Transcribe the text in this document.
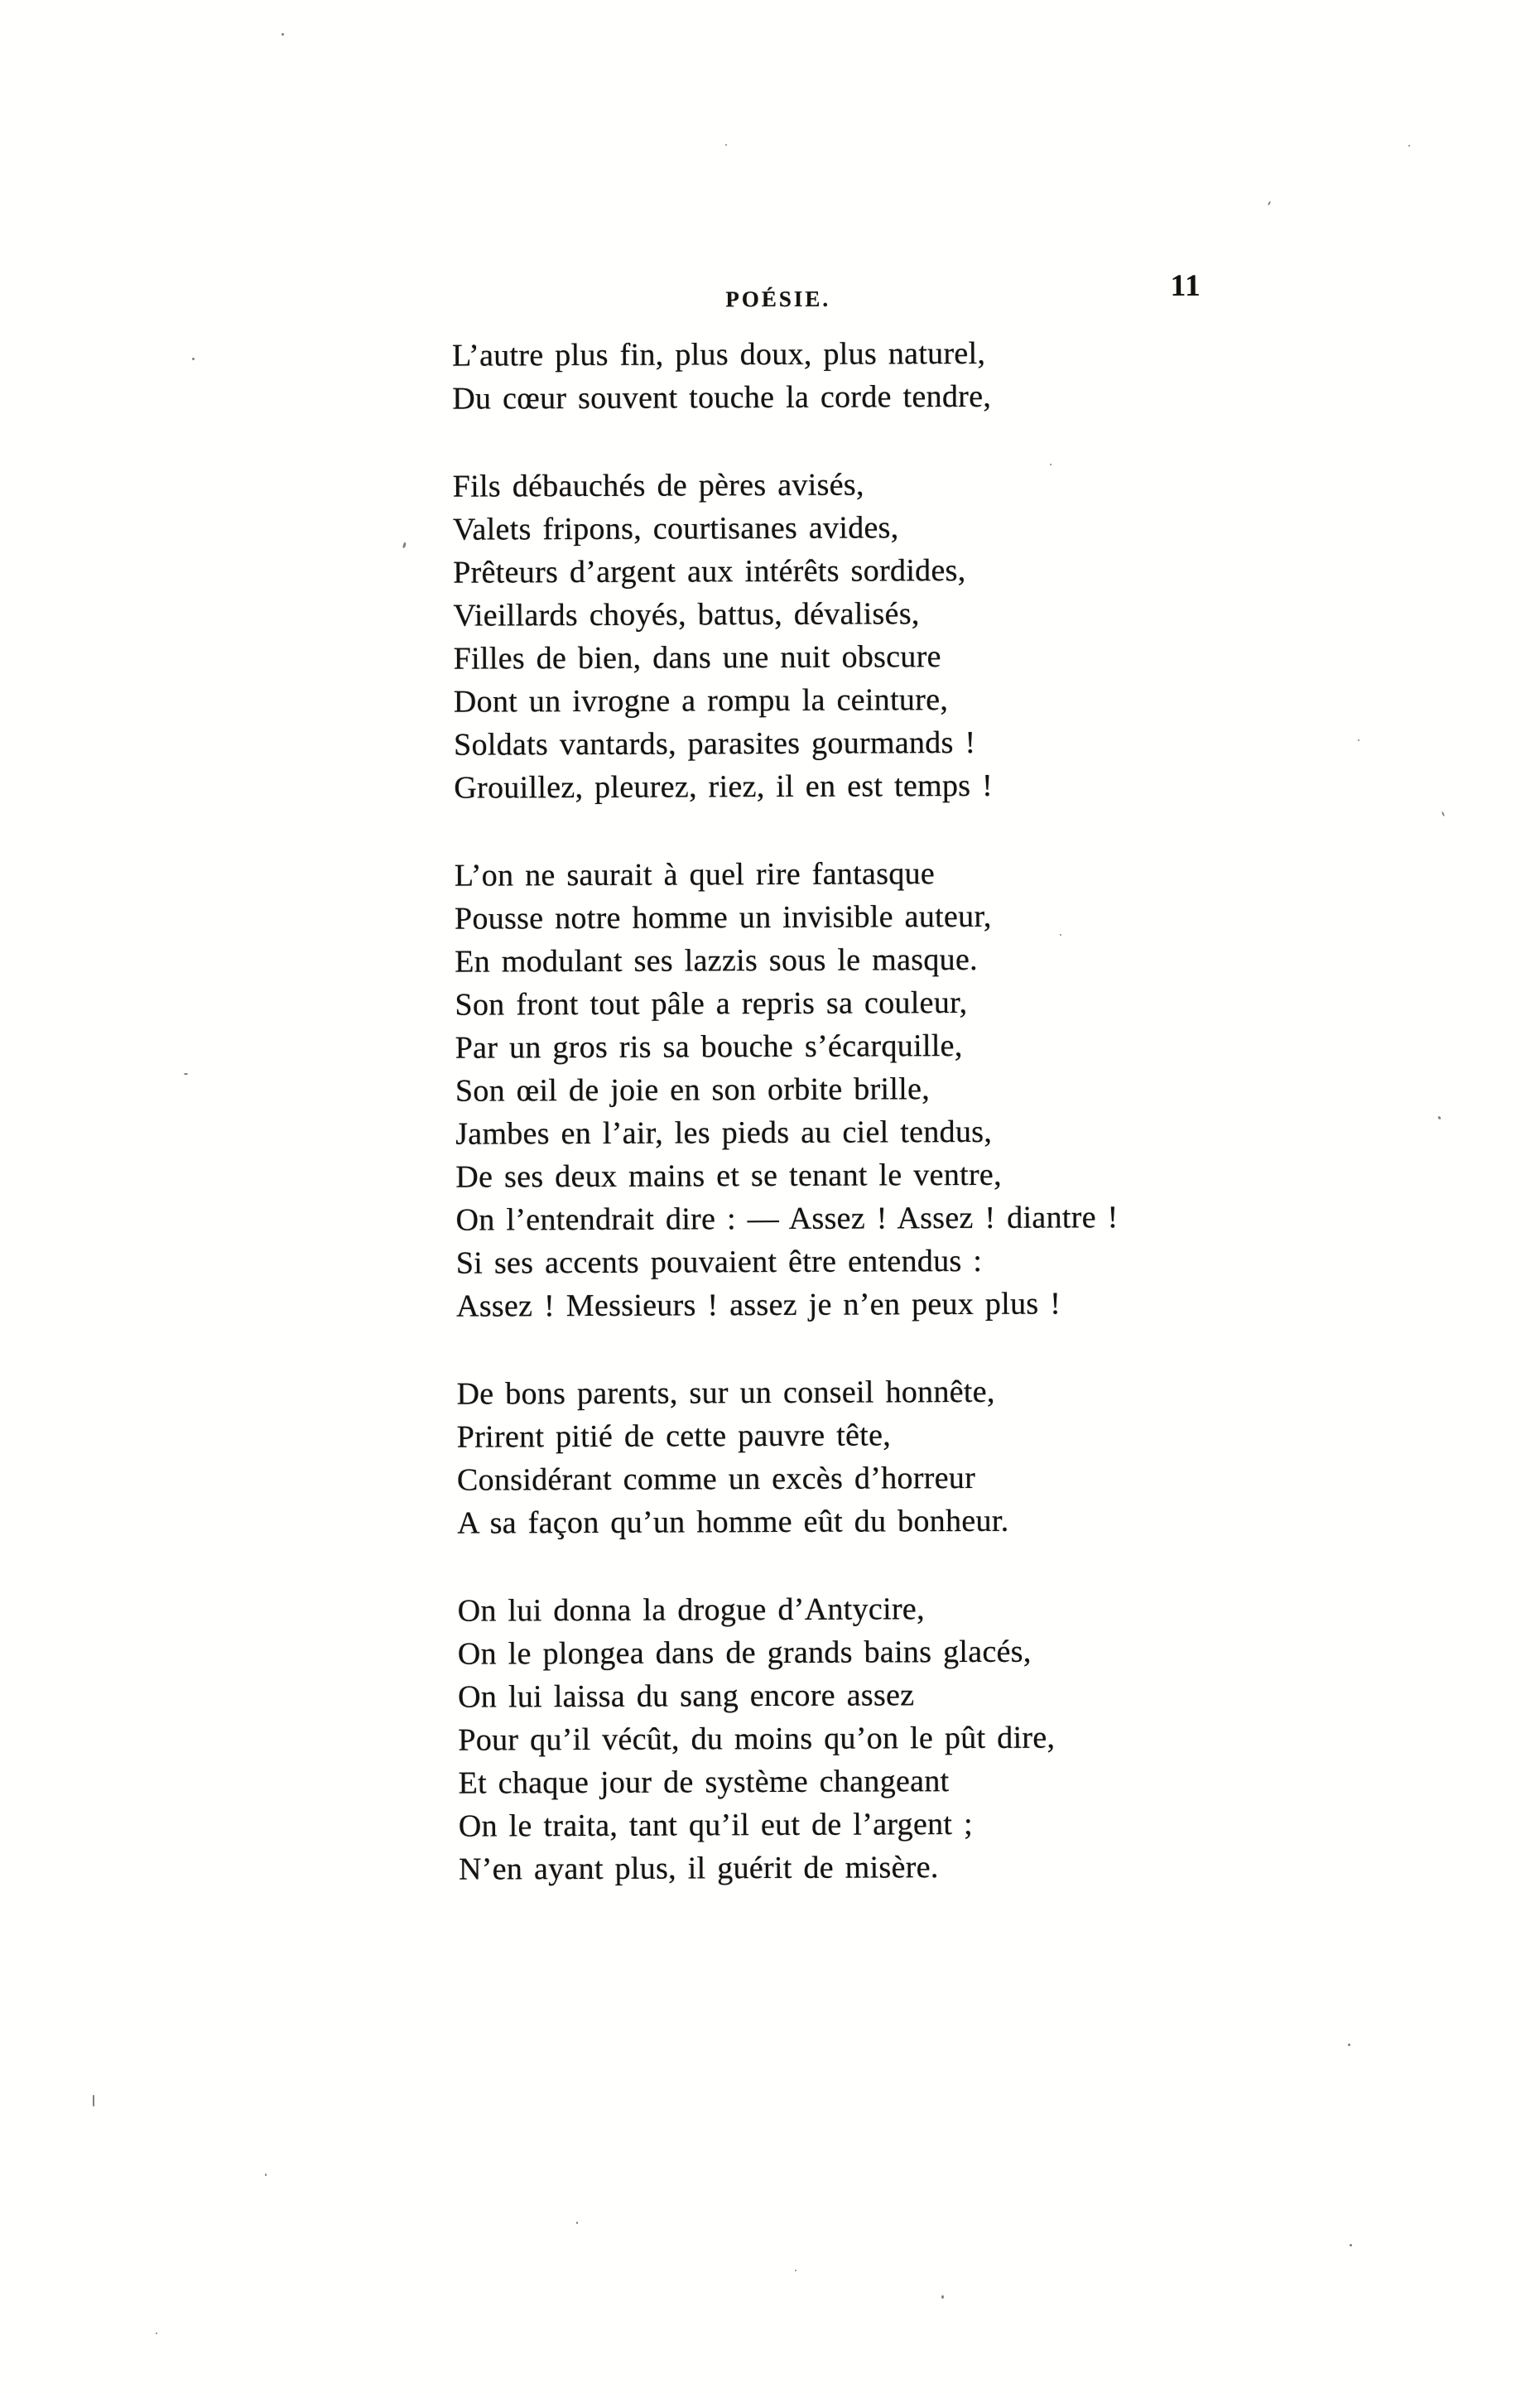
POÉSIE.	11
L’autre plus fin, plus doux, plus naturel,
Du cœur souvent touche la corde tendre,
Fils débauchés de pères avisés,
Valets fripons, courtisanes avides,
Prêteurs d’argent aux intérêts sordides,
Vieillards choyés, battus, dévalisés,
Filles de bien, dans une nuit obscure
Dont un ivrogne a rompu la ceinture,
Soldats vantards, parasites gourmands !
Grouillez, pleurez, riez, il en est temps !
L’on ne saurait à quel rire fantasque
Pousse notre homme un invisible auteur,
En modulant ses lazzis sous le masque.
Son front tout pâle a repris sa couleur,
Par un gros ris sa bouche s’écarquille,
Son œil de joie en son orbite brille,
Jambes en l’air, les pieds au ciel tendus,
De ses deux mains et se tenant le ventre,
On l’entendrait dire : — Assez ! Assez ! diantre !
Si ses accents pouvaient être entendus :
Assez ! Messieurs ! assez je n’en peux plus !
De bons parents, sur un conseil honnête,
Prirent pitié de cette pauvre tête,
Considérant comme un excès d’horreur
A sa façon qu’un homme eût du bonheur.
On lui donna la drogue d’Antycire,
On le plongea dans de grands bains glacés,
On lui laissa du sang encore assez
Pour qu’il vécût, du moins qu’on le pût dire,
Et chaque jour de système changeant
On le traita, tant qu’il eut de l’argent ;
N’en ayant plus, il guérit de misère.
